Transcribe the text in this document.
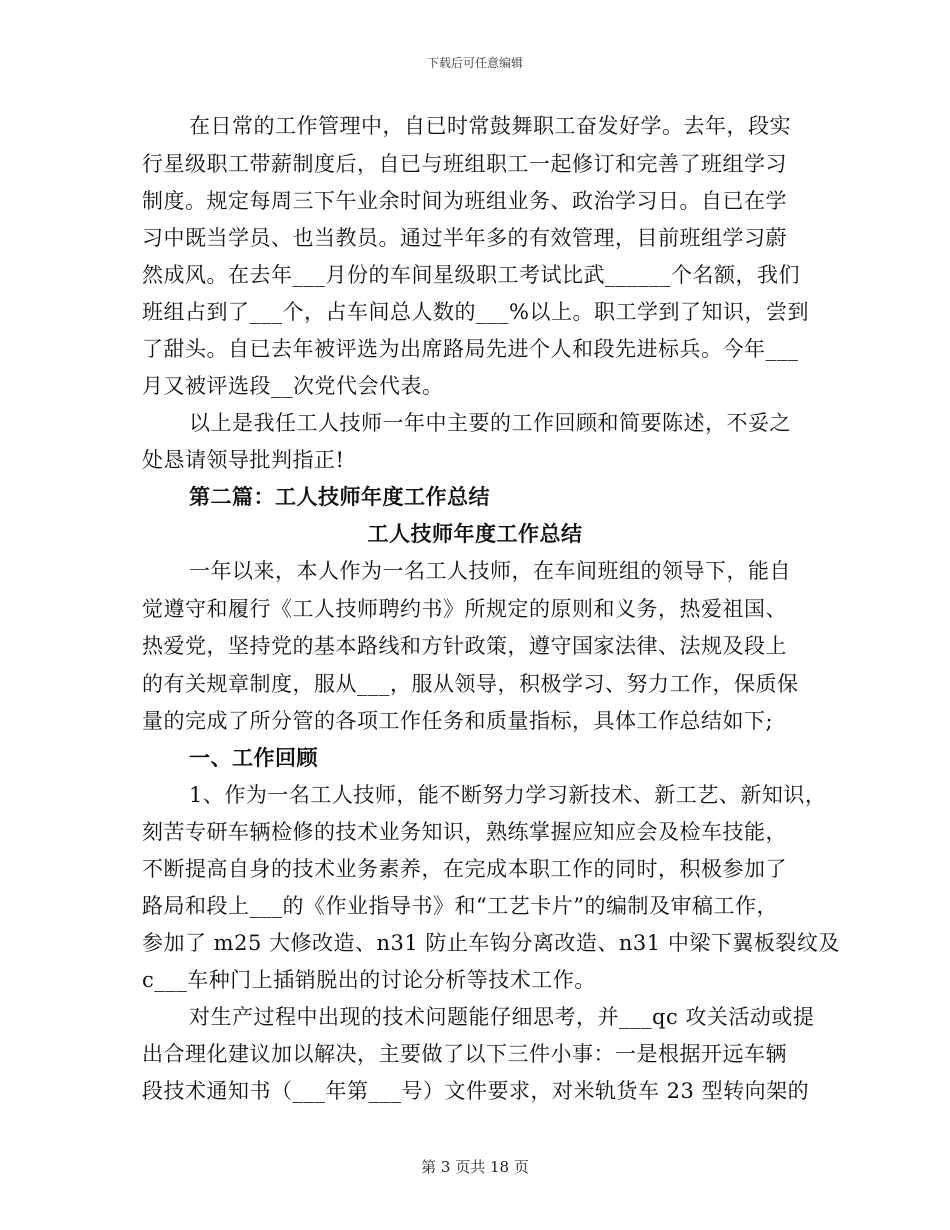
下载后可任意编辑
在日常的工作管理中，自已时常鼓舞职工奋发好学。去年，段实
行星级职工带薪制度后，自已与班组职工一起修订和完善了班组学习
制度。规定每周三下午业余时间为班组业务、政治学习日。自已在学
习中既当学员、也当教员。通过半年多的有效管理，目前班组学习蔚
然成风。在去年___月份的车间星级职工考试比武______个名额，我们
班组占到了___个，占车间总人数的___%以上。职工学到了知识，尝到
了甜头。自已去年被评选为出席路局先进个人和段先进标兵。今年___
月又被评选段__次党代会代表。
以上是我任工人技师一年中主要的工作回顾和简要陈述，不妥之
处恳请领导批判指正!
第二篇：工人技师年度工作总结
工人技师年度工作总结
一年以来，本人作为一名工人技师，在车间班组的领导下，能自
觉遵守和履行《工人技师聘约书》所规定的原则和义务，热爱祖国、
热爱党，坚持党的基本路线和方针政策，遵守国家法律、法规及段上
的有关规章制度，服从___，服从领导，积极学习、努力工作，保质保
量的完成了所分管的各项工作任务和质量指标，具体工作总结如下;
一、工作回顾
1、作为一名工人技师，能不断努力学习新技术、新工艺、新知识，
刻苦专研车辆检修的技术业务知识，熟练掌握应知应会及检车技能，
不断提高自身的技术业务素养，在完成本职工作的同时，积极参加了
路局和段上___的《作业指导书》和“工艺卡片”的编制及审稿工作，
参加了 m25 大修改造、n31 防止车钩分离改造、n31 中梁下翼板裂纹及
c___车种门上插销脱出的讨论分析等技术工作。
对生产过程中出现的技术问题能仔细思考，并___qc 攻关活动或提
出合理化建议加以解决，主要做了以下三件小事：一是根据开远车辆
段技术通知书（___年第___号）文件要求，对米轨货车 23 型转向架的
第 3 页共 18 页
